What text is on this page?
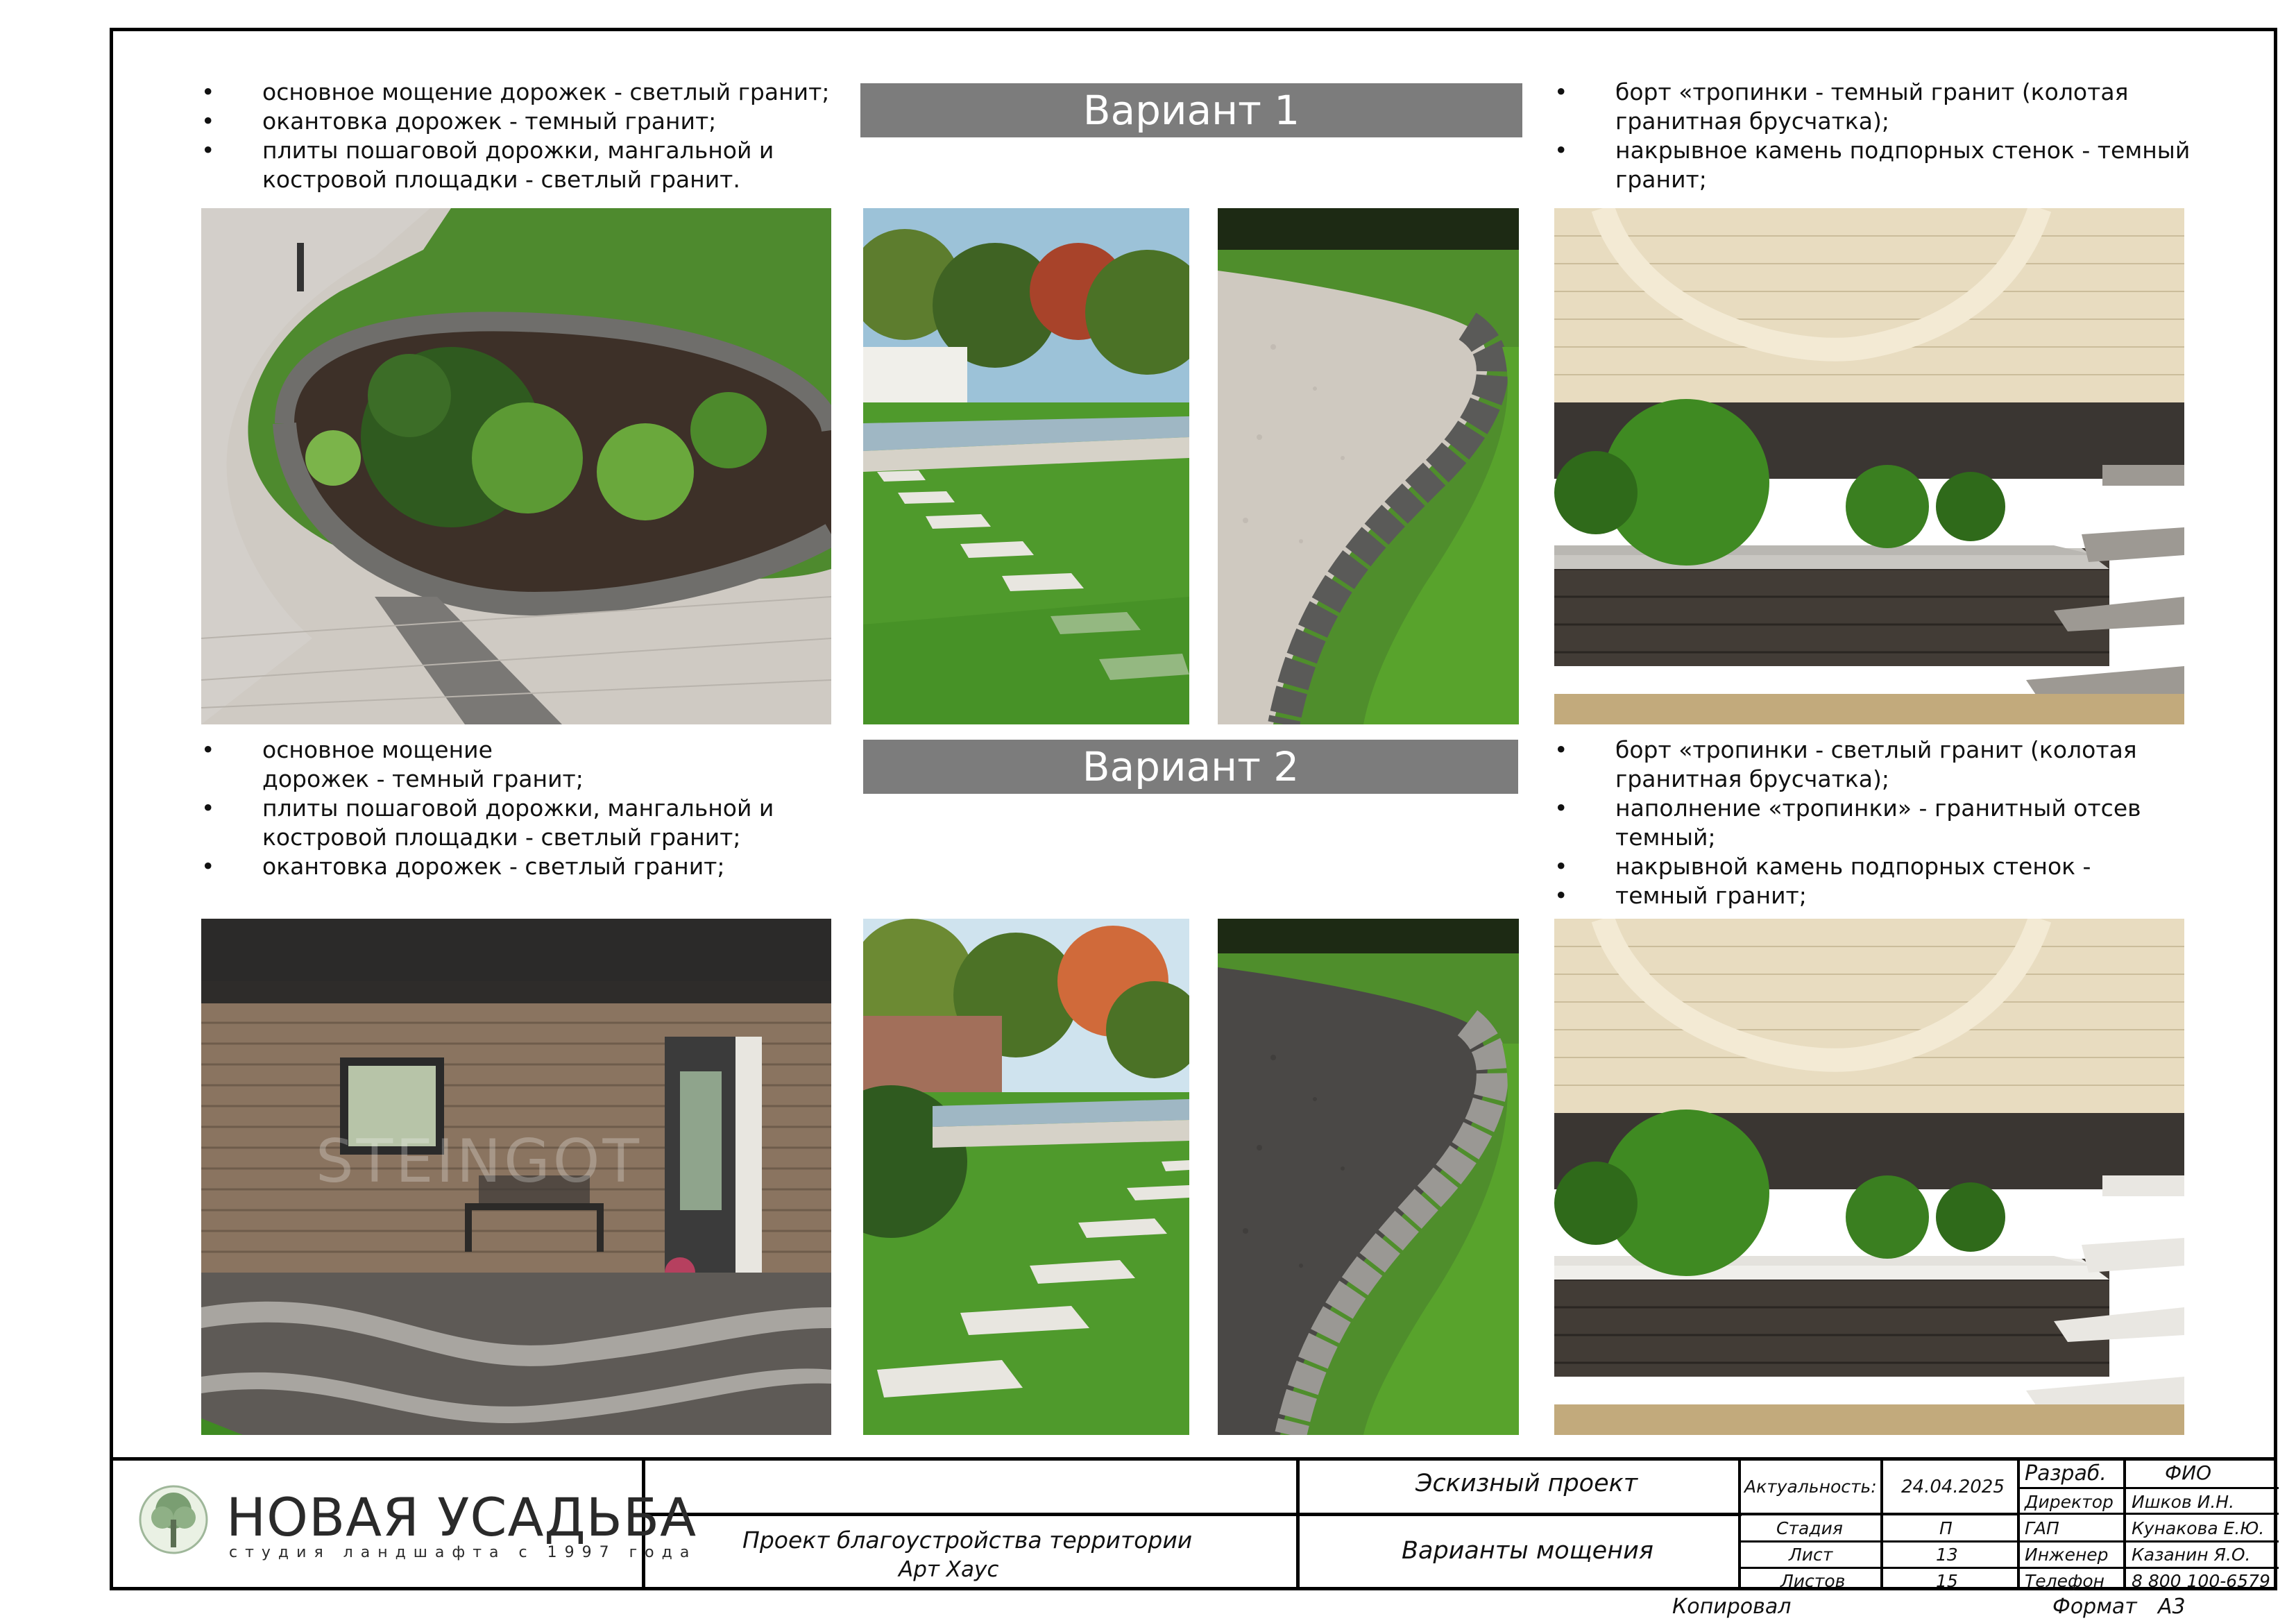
• основное мощение дорожек - светлый гранит;
• окантовка дорожек - темный гранит;
• плиты пошаговой дорожки, мангальной и
костровой площадки - светлый гранит.
Вариант 1	• борт «тропинки - темный гранит (колотая
гранитная брусчатка);
• накрывное камень подпорных стенок - темный
гранит;
• основное мощение
дорожек - темный гранит;
• плиты пошаговой дорожки, мангальной и
костровой площадки - светлый гранит;
• окантовка дорожек - светлый гранит;
Вариант 2	• борт «тропинки - светлый гранит (колотая
гранитная брусчатка);
• наполнение «тропинки» - гранитный отсев
темный;
• накрывной камень подпорных стенок -
• темный гранит;
STEINGOT
НОВАЯ УСАДЬБА
студия ландшафта с 1997 года Проект благоустройства территории
Арт Хаус
Эскизный проект
Варианты мощения
Актуальность: 24.04.2025
Стадия	П
Лист	13
Листов	15
Разраб.	ФИО
Директор Ишков И.Н.
ГАП	Кунакова Е.Ю.
Инженер Казанин Я.О.
Телефон 8 800 100-6579
Копировал	Формат А3
